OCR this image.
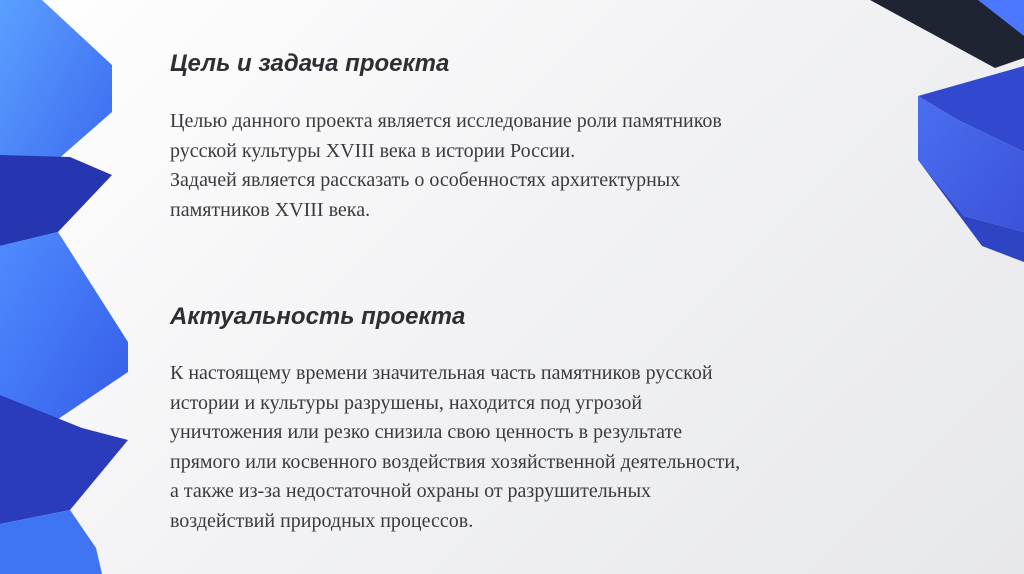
Цель и задача проекта

Целью данного проекта является исследование роли памятников
русской культуры XVIII века в истории России.
Задачей является рассказать о особенностях архитектурных
памятников XVIII века.

Актуальность проекта

К настоящему времени значительная часть памятников русской
истории и культуры разрушены, находится под угрозой
уничтожения или резко снизила свою ценность в результате
прямого или косвенного воздействия хозяйственной деятельности,
а также из-за недостаточной охраны от разрушительных
воздействий природных процессов.
